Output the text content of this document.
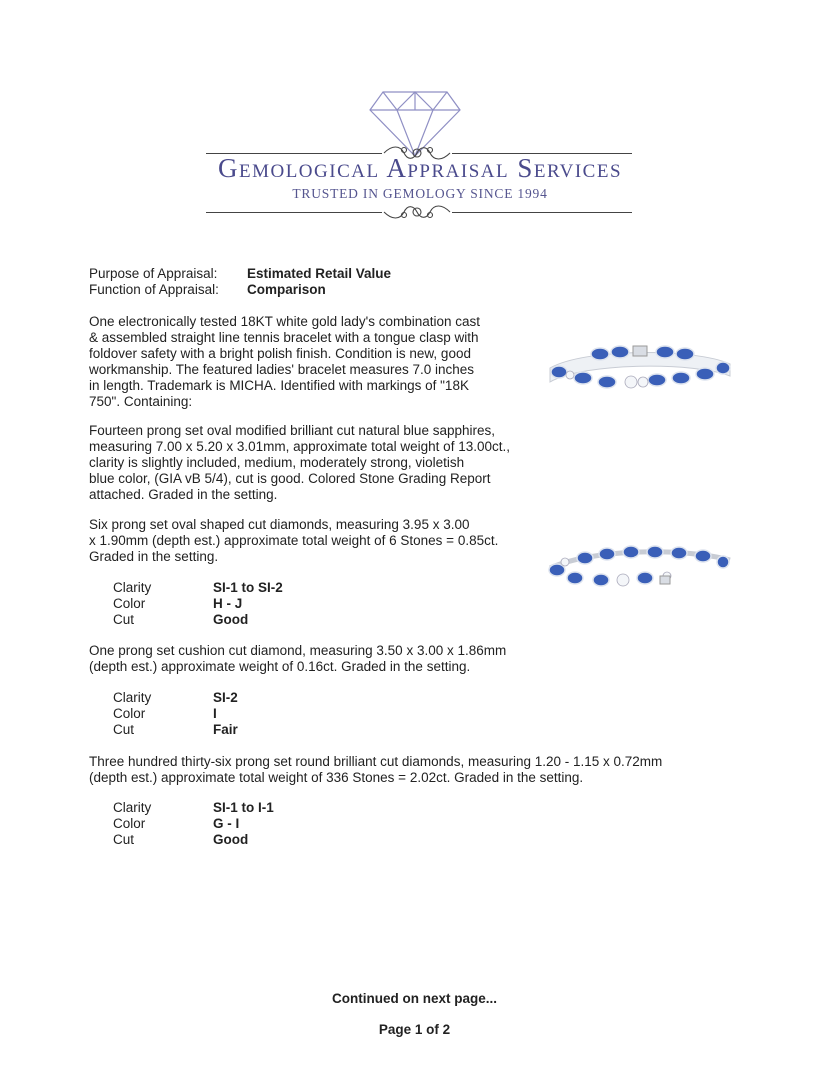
Gemological Appraisal Services
TRUSTED IN GEMOLOGY SINCE 1994
Purpose of Appraisal: Estimated Retail Value
Function of Appraisal: Comparison
One electronically tested 18KT white gold lady's combination cast
& assembled straight line tennis bracelet with a tongue clasp with
foldover safety with a bright polish finish. Condition is new, good
workmanship. The featured ladies' bracelet measures 7.0 inches
in length. Trademark is MICHA. Identified with markings of "18K
750". Containing:
Fourteen prong set oval modified brilliant cut natural blue sapphires,
measuring 7.00 x 5.20 x 3.01mm, approximate total weight of 13.00ct.,
clarity is slightly included, medium, moderately strong, violetish
blue color, (GIA vB 5/4), cut is good. Colored Stone Grading Report
attached. Graded in the setting.
Six prong set oval shaped cut diamonds, measuring 3.95 x 3.00
x 1.90mm (depth est.) approximate total weight of 6 Stones = 0.85ct.
Graded in the setting.
Clarity	SI-1 to SI-2
Color	H - J
Cut	Good
One prong set cushion cut diamond, measuring 3.50 x 3.00 x 1.86mm
(depth est.) approximate weight of 0.16ct. Graded in the setting.
Clarity	SI-2
Color	I
Cut	Fair
Three hundred thirty-six prong set round brilliant cut diamonds, measuring 1.20 - 1.15 x 0.72mm
(depth est.) approximate total weight of 336 Stones = 2.02ct. Graded in the setting.
Clarity	SI-1 to I-1
Color	G - I
Cut	Good
Continued on next page...
Page 1 of 2
